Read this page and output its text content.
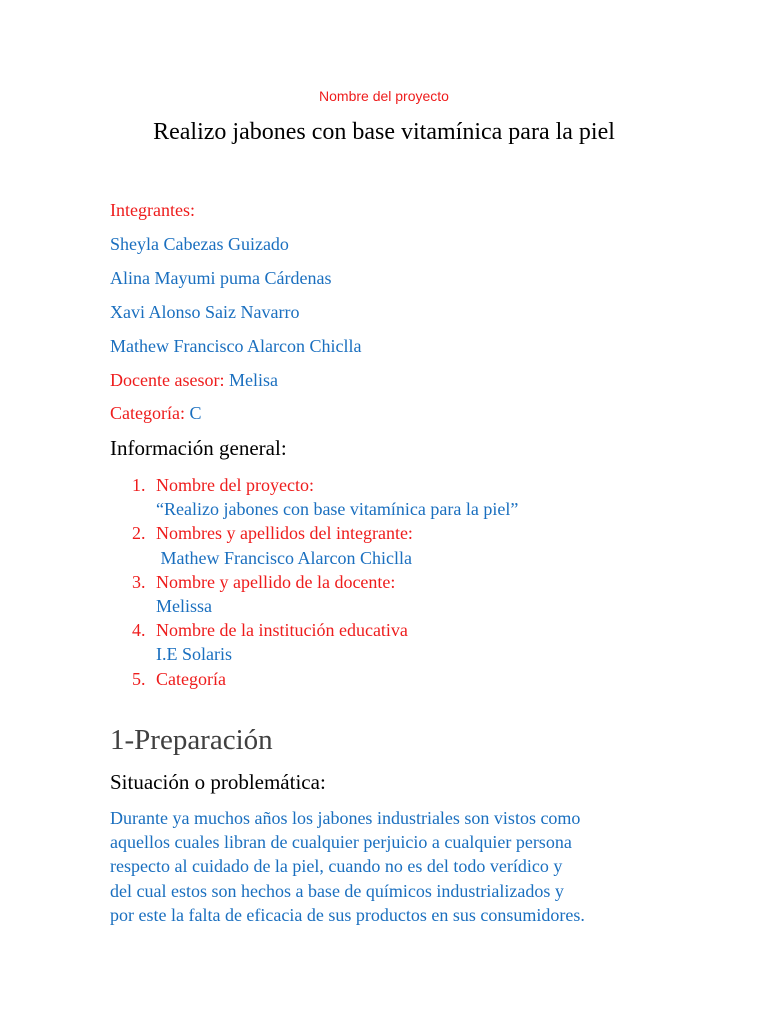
Nombre del proyecto
Realizo jabones con base vitamínica para la piel
Integrantes:
Sheyla Cabezas Guizado
Alina Mayumi puma Cárdenas
Xavi Alonso Saiz Navarro
Mathew Francisco Alarcon Chiclla
Docente asesor: Melisa
Categoría: C
Información general:
1. Nombre del proyecto:
“Realizo jabones con base vitamínica para la piel”
2. Nombres y apellidos del integrante:
Mathew Francisco Alarcon Chiclla
3. Nombre y apellido de la docente:
Melissa
4. Nombre de la institución educativa
I.E Solaris
5. Categoría
1-Preparación
Situación o problemática:
Durante ya muchos años los jabones industriales son vistos como
aquellos cuales libran de cualquier perjuicio a cualquier persona
respecto al cuidado de la piel, cuando no es del todo verídico y
del cual estos son hechos a base de químicos industrializados y
por este la falta de eficacia de sus productos en sus consumidores.
